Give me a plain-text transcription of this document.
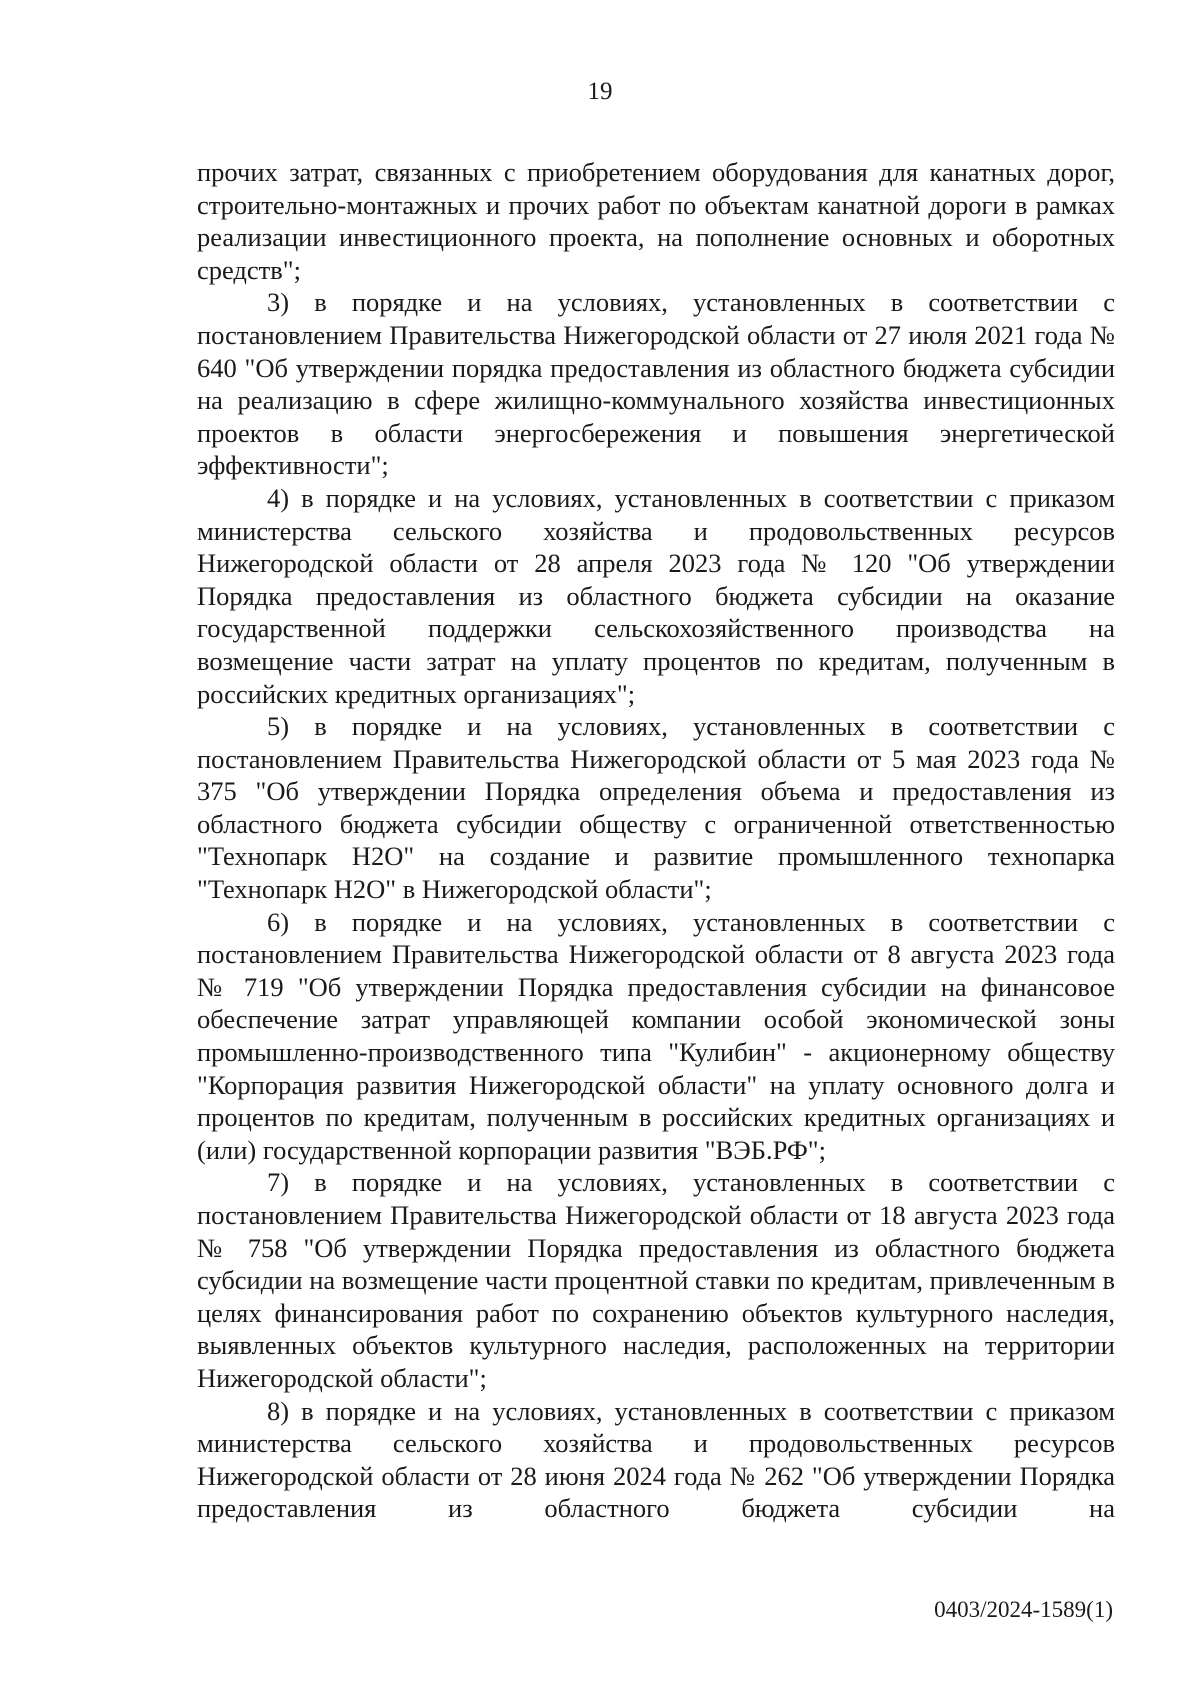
19

прочих затрат, связанных с приобретением оборудования для канатных дорог, строительно-монтажных и прочих работ по объектам канатной дороги в рамках реализации инвестиционного проекта, на пополнение основных и оборотных средств";

3) в порядке и на условиях, установленных в соответствии с постановлением Правительства Нижегородской области от 27 июля 2021 года № 640 "Об утверждении порядка предоставления из областного бюджета субсидии на реализацию в сфере жилищно-коммунального хозяйства инвестиционных проектов в области энергосбережения и повышения энергетической эффективности";

4) в порядке и на условиях, установленных в соответствии с приказом министерства сельского хозяйства и продовольственных ресурсов Нижегородской области от 28 апреля 2023 года № 120 "Об утверждении Порядка предоставления из областного бюджета субсидии на оказание государственной поддержки сельскохозяйственного производства на возмещение части затрат на уплату процентов по кредитам, полученным в российских кредитных организациях";

5) в порядке и на условиях, установленных в соответствии с постановлением Правительства Нижегородской области от 5 мая 2023 года № 375 "Об утверждении Порядка определения объема и предоставления из областного бюджета субсидии обществу с ограниченной ответственностью "Технопарк Н2О" на создание и развитие промышленного технопарка "Технопарк Н2О" в Нижегородской области";

6) в порядке и на условиях, установленных в соответствии с постановлением Правительства Нижегородской области от 8 августа 2023 года № 719 "Об утверждении Порядка предоставления субсидии на финансовое обеспечение затрат управляющей компании особой экономической зоны промышленно-производственного типа "Кулибин" - акционерному обществу "Корпорация развития Нижегородской области" на уплату основного долга и процентов по кредитам, полученным в российских кредитных организациях и (или) государственной корпорации развития "ВЭБ.РФ";

7) в порядке и на условиях, установленных в соответствии с постановлением Правительства Нижегородской области от 18 августа 2023 года № 758 "Об утверждении Порядка предоставления из областного бюджета субсидии на возмещение части процентной ставки по кредитам, привлеченным в целях финансирования работ по сохранению объектов культурного наследия, выявленных объектов культурного наследия, расположенных на территории Нижегородской области";

8) в порядке и на условиях, установленных в соответствии с приказом министерства сельского хозяйства и продовольственных ресурсов Нижегородской области от 28 июня 2024 года № 262 "Об утверждении Порядка предоставления из областного бюджета субсидии на

0403/2024-1589(1)
